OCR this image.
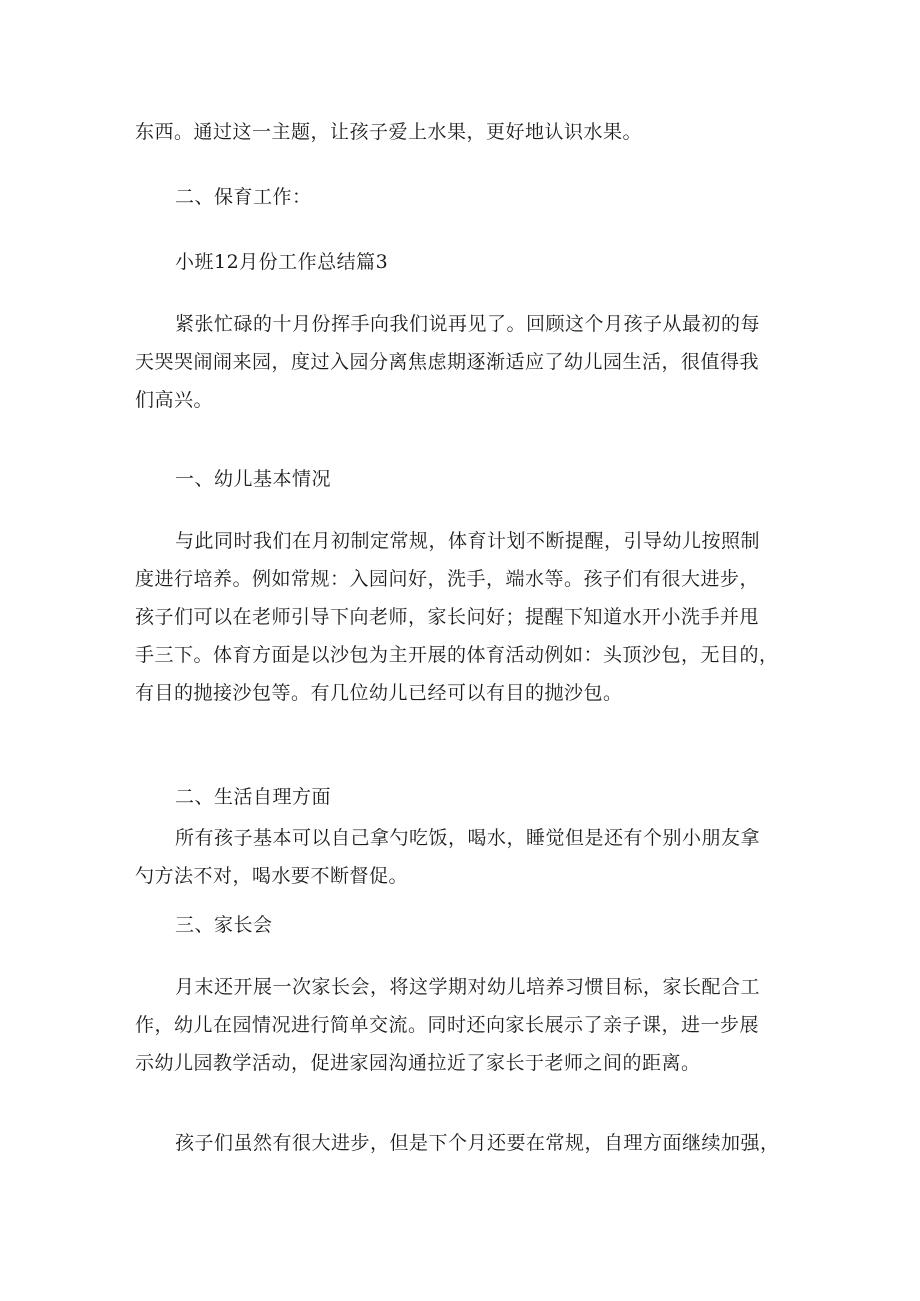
东西。通过这一主题，让孩子爱上水果，更好地认识水果。

二、保育工作：

小班12月份工作总结篇3

紧张忙碌的十月份挥手向我们说再见了。回顾这个月孩子从最初的每
天哭哭闹闹来园，度过入园分离焦虑期逐渐适应了幼儿园生活，很值得我
们高兴。

一、幼儿基本情况

与此同时我们在月初制定常规，体育计划不断提醒，引导幼儿按照制
度进行培养。例如常规：入园问好，洗手，端水等。孩子们有很大进步，
孩子们可以在老师引导下向老师，家长问好；提醒下知道水开小洗手并甩
手三下。体育方面是以沙包为主开展的体育活动例如：头顶沙包，无目的，
有目的抛接沙包等。有几位幼儿已经可以有目的抛沙包。

二、生活自理方面

所有孩子基本可以自己拿勺吃饭，喝水，睡觉但是还有个别小朋友拿
勺方法不对，喝水要不断督促。

三、家长会

月末还开展一次家长会，将这学期对幼儿培养习惯目标，家长配合工
作，幼儿在园情况进行简单交流。同时还向家长展示了亲子课，进一步展
示幼儿园教学活动，促进家园沟通拉近了家长于老师之间的距离。

孩子们虽然有很大进步，但是下个月还要在常规，自理方面继续加强，
